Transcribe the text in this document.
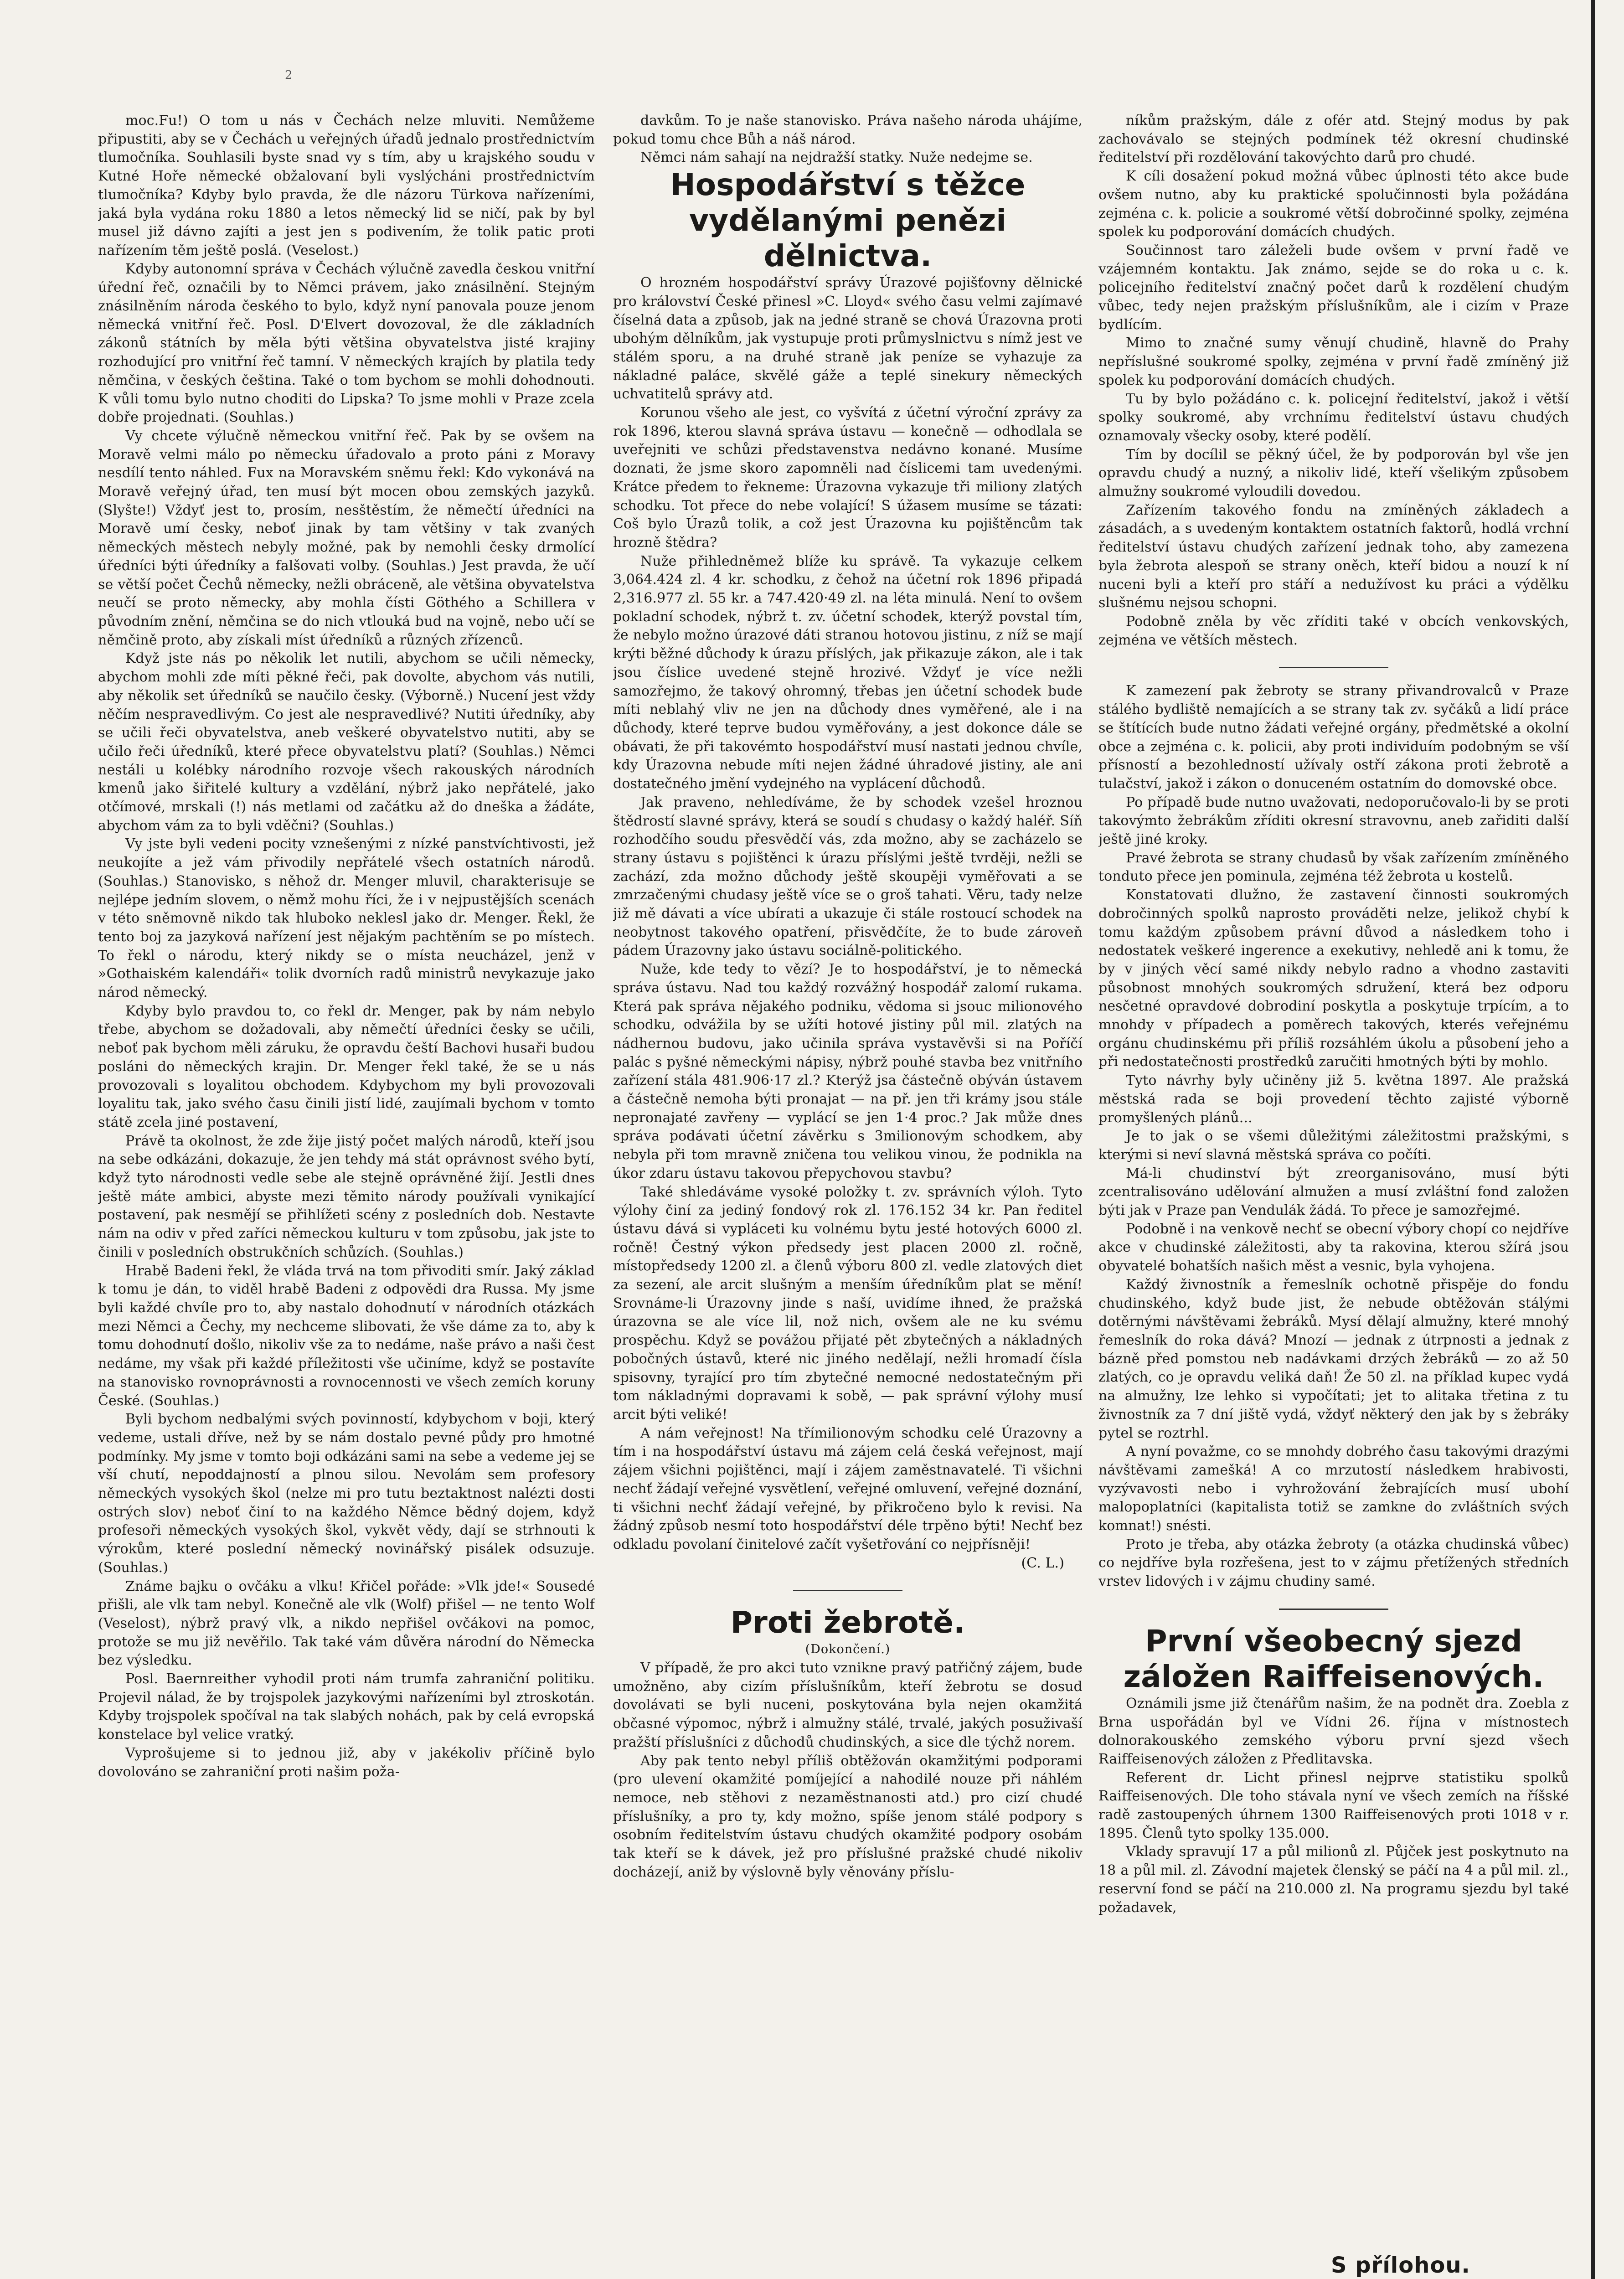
2

moc.Fu!) O tom u nás v Čechách nelze mluviti. Nemůžeme připustiti, aby se v Čechách u veřejných úřadů jednalo prostřednictvím tlumočníka. Souhlasili byste snad vy s tím, aby u krajského soudu v Kutné Hoře německé obžalovaní byli vyslýcháni prostřednictvím tlumočníka? Kdyby bylo pravda, že dle názoru Türkova nařízeními, jaká byla vydána roku 1880 a letos německý lid se ničí, pak by byl musel již dávno zajíti a jest jen s podivením, že tolik patic proti nařízením těm ještě poslá. (Veselost.)

Kdyby autonomní správa v Čechách výlučně zavedla českou vnitřní úřední řeč, označili by to Němci právem, jako znásilnění. Stejným znásilněním národa českého to bylo, když nyní panovala pouze jenom německá vnitřní řeč. Posl. D'Elvert dovozoval, že dle základních zákonů státních by měla býti většina obyvatelstva jisté krajiny rozhodující pro vnitřní řeč tamní. V německých krajích by platila tedy němčina, v českých čeština. Také o tom bychom se mohli dohodnouti. K vůli tomu bylo nutno choditi do Lipska? To jsme mohli v Praze zcela dobře projednati. (Souhlas.)

Vy chcete výlučně německou vnitřní řeč. Pak by se ovšem na Moravě velmi málo po německu úřadovalo a proto páni z Moravy nesdílí tento náhled. Fux na Moravském sněmu řekl: Kdo vykonává na Moravě veřejný úřad, ten musí být mocen obou zemských jazyků. (Slyšte!) Vždyť jest to, prosím, nesštěstím, že němečtí úředníci na Moravě umí česky, neboť jinak by tam většiny v tak zvaných německých městech nebyly možné, pak by nemohli česky drmolící úředníci býti úředníky a falšovati volby. (Souhlas.) Jest pravda, že učí se větší počet Čechů německy, nežli obráceně, ale většina obyvatelstva neučí se proto německy, aby mohla čísti Göthého a Schillera v původním znění, němčina se do nich vtlouká bud na vojně, nebo učí se němčině proto, aby získali míst úředníků a různých zřízenců.

Když jste nás po několik let nutili, abychom se učili německy, abychom mohli zde míti pěkné řeči, pak dovolte, abychom vás nutili, aby několik set úředníků se naučilo česky. (Výborně.) Nucení jest vždy něčím nespravedlivým. Co jest ale nespravedlivé? Nutiti úředníky, aby se učili řeči obyvatelstva, aneb veškeré obyvatelstvo nutiti, aby se učilo řeči úředníků, které přece obyvatelstvu platí? (Souhlas.) Němci nestáli u kolébky národního rozvoje všech rakouských národních kmenů jako šiřitelé kultury a vzdělání, nýbrž jako nepřátelé, jako otčímové, mrskali (!) nás metlami od začátku až do dneška a žádáte, abychom vám za to byli vděčni? (Souhlas.)

Vy jste byli vedeni pocity vznešenými z nízké panstvíchtivosti, jež neukojíte a jež vám přivodily nepřátelé všech ostatních národů. (Souhlas.) Stanovisko, s něhož dr. Menger mluvil, charakterisuje se nejlépe jedním slovem, o němž mohu říci, že i v nejpustějších scenách v této sněmovně nikdo tak hluboko neklesl jako dr. Menger. Řekl, že tento boj za jazyková nařízení jest nějakým pachtěním se po místech. To řekl o národu, který nikdy se o místa neucházel, jenž v »Gothaiském kalendáři« tolik dvorních radů ministrů nevykazuje jako národ německý.

Kdyby bylo pravdou to, co řekl dr. Menger, pak by nám nebylo třebe, abychom se dožadovali, aby němečtí úředníci česky se učili, neboť pak bychom měli záruku, že opravdu čeští Bachovi husaři budou posláni do německých krajin. Dr. Menger řekl také, že se u nás provozovali s loyalitou obchodem. Kdybychom my byli provozovali loyalitu tak, jako svého času činili jistí lidé, zaujímali bychom v tomto státě zcela jiné postavení,

Právě ta okolnost, že zde žije jistý počet malých národů, kteří jsou na sebe odkázáni, dokazuje, že jen tehdy má stát oprávnost svého bytí, když tyto národnosti vedle sebe ale stejně oprávněné žijí. Jestli dnes ještě máte ambici, abyste mezi těmito národy používali vynikající postavení, pak nesmějí se přihlížeti scény z posledních dob. Nestavte nám na odiv v před zaříci německou kulturu v tom způsobu, jak jste to činili v posledních obstrukčních schůzích. (Souhlas.)

Hrabě Badeni řekl, že vláda trvá na tom přivoditi smír. Jaký základ k tomu je dán, to viděl hrabě Badeni z odpovědi dra Russa. My jsme byli každé chvíle pro to, aby nastalo dohodnutí v národních otázkách mezi Němci a Čechy, my nechceme slibovati, že vše dáme za to, aby k tomu dohodnutí došlo, nikoliv vše za to nedáme, naše právo a naši čest nedáme, my však při každé příležitosti vše učiníme, když se postavíte na stanovisko rovnoprávnosti a rovnocennosti ve všech zemích koruny České. (Souhlas.)

Byli bychom nedbalými svých povinností, kdybychom v boji, který vedeme, ustali dříve, než by se nám dostalo pevné půdy pro hmotné podmínky. My jsme v tomto boji odkázáni sami na sebe a vedeme jej se vší chutí, nepoddajností a plnou silou. Nevolám sem profesory německých vysokých škol (nelze mi pro tutu beztaktnost nalézti dosti ostrých slov) neboť činí to na každého Němce bědný dojem, když profesoři německých vysokých škol, vykvět vědy, dají se strhnouti k výrokům, které poslední německý novinářský pisálek odsuzuje. (Souhlas.)

Známe bajku o ovčáku a vlku! Křičel pořáde: »Vlk jde!« Sousedé přišli, ale vlk tam nebyl. Konečně ale vlk (Wolf) přišel — ne tento Wolf (Veselost), nýbrž pravý vlk, a nikdo nepřišel ovčákovi na pomoc, protože se mu již nevěřilo. Tak také vám důvěra národní do Německa bez výsledku.

Posl. Baernreither vyhodil proti nám trumfa zahraniční politiku. Projevil nálad, že by trojspolek jazykovými nařízeními byl ztroskotán. Kdyby trojspolek spočíval na tak slabých nohách, pak by celá evropská konstelace byl velice vratký.

Vyprošujeme si to jednou již, aby v jakékoliv příčině bylo dovolováno se zahraniční proti našim poža-

davkům. To je naše stanovisko. Práva našeho národa uhájíme, pokud tomu chce Bůh a náš národ.

Němci nám sahají na nejdražší statky. Nuže nedejme se.

Hospodářství s těžce vydělanými penězi dělnictva.

O hrozném hospodářství správy Úrazové pojišťovny dělnické pro království České přinesl »C. Lloyd« svého času velmi zajímavé číselná data a způsob, jak na jedné straně se chová Úrazovna proti ubohým dělníkům, jak vystupuje proti průmyslnictvu s nímž jest ve stálém sporu, a na druhé straně jak peníze se vyhazuje za nákladné paláce, skvělé gáže a teplé sinekury německých uchvatitelů správy atd.

Korunou všeho ale jest, co vyšvítá z účetní výroční zprávy za rok 1896, kterou slavná správa ústavu — konečně — odhodlala se uveřejniti ve schůzi představenstva nedávno konané. Musíme doznati, že jsme skoro zapomněli nad číslicemi tam uvedenými. Krátce předem to řekneme: Úrazovna vykazuje tři miliony zlatých schodku. Tot přece do nebe volající! S úžasem musíme se tázati: Coš bylo Úrazů tolik, a což jest Úrazovna ku pojištěncům tak hrozně štědra?

Nuže přihledněmež blíže ku správě. Ta vykazuje celkem 3,064.424 zl. 4 kr. schodku, z čehož na účetní rok 1896 připadá 2,316.977 zl. 55 kr. a 747.420·49 zl. na léta minulá. Není to ovšem pokladní schodek, nýbrž t. zv. účetní schodek, kterýž povstal tím, že nebylo možno úrazové dáti stranou hotovou jistinu, z níž se mají krýti běžné důchody k úrazu příslých, jak přikazuje zákon, ale i tak jsou číslice uvedené stejně hrozivé. Vždyť je více nežli samozřejmo, že takový ohromný, třebas jen účetní schodek bude míti neblahý vliv ne jen na důchody dnes vyměřené, ale i na důchody, které teprve budou vyměřovány, a jest dokonce dále se obávati, že při takovémto hospodářství musí nastati jednou chvíle, kdy Úrazovna nebude míti nejen žádné úhradové jistiny, ale ani dostatečného jmění vydejného na vyplácení důchodů.

Jak praveno, nehledíváme, že by schodek vzešel hroznou štědrostí slavné správy, která se soudí s chudasy o každý haléř. Síň rozhodčího soudu přesvědčí vás, zda možno, aby se zacházelo se strany ústavu s pojištěnci k úrazu příslými ještě tvrději, nežli se zachází, zda možno důchody ještě skoupěji vyměřovati a se zmrzačenými chudasy ještě více se o groš tahati. Věru, tady nelze již mě dávati a více ubírati a ukazuje či stále rostoucí schodek na neobytnost takového opatření, přisvědčíte, že to bude zároveň pádem Úrazovny jako ústavu sociálně-politického.

Nuže, kde tedy to vězí? Je to hospodářství, je to německá správa ústavu. Nad tou každý rozvážný hospodář zalomí rukama. Která pak správa nějakého podniku, vědoma si jsouc milionového schodku, odvážila by se užíti hotové jistiny půl mil. zlatých na nádhernou budovu, jako učinila správa vystavěvši si na Poříčí palác s pyšné německými nápisy, nýbrž pouhé stavba bez vnitřního zařízení stála 481.906·17 zl.? Kterýž jsa částečně obýván ústavem a částečně nemoha býti pronajat — na př. jen tři krámy jsou stále nepronajaté zavřeny — vyplácí se jen 1·4 proc.? Jak může dnes správa podávati účetní závěrku s 3milionovým schodkem, aby nebyla při tom mravně zničena tou velikou vinou, že podnikla na úkor zdaru ústavu takovou přepychovou stavbu?

Také shledáváme vysoké položky t. zv. správních výloh. Tyto výlohy činí za jediný fondový rok zl. 176.152 34 kr. Pan ředitel ústavu dává si vypláceti ku volnému bytu jesté hotových 6000 zl. ročně! Čestný výkon předsedy jest placen 2000 zl. ročně, místopředsedy 1200 zl. a členů výboru 800 zl. vedle zlatových diet za sezení, ale arcit slušným a menším úředníkům plat se mění! Srovnáme-li Úrazovny jinde s naší, uvidíme ihned, že pražská úrazovna se ale více lil, nož nich, ovšem ale ne ku svému prospěchu. Když se povážou přijaté pět zbytečných a nákladných pobočných ústavů, které nic jiného nedělají, nežli hromadí čísla spisovny, tyrající pro tím zbytečné nemocné nedostatečným při tom nákladnými dopravami k sobě, — pak správní výlohy musí arcit býti veliké!

A nám veřejnost! Na třímilionovým schodku celé Úrazovny a tím i na hospodářství ústavu má zájem celá česká veřejnost, mají zájem všichni pojištěnci, mají i zájem zaměstnavatelé. Ti všichni nechť žádají veřejné vysvětlení, veřejné omluvení, veřejné doznání, ti všichni nechť žádají veřejné, by přikročeno bylo k revisi. Na žádný způsob nesmí toto hospodářství déle trpěno býti! Nechť bez odkladu povolaní činitelové začít vyšetřování co nejpřísněji!

(C. L.)

Proti žebrotě.

(Dokončení.)

V případě, že pro akci tuto vznikne pravý patřičný zájem, bude umožněno, aby cizím příslušníkům, kteří žebrotu se dosud dovolávati se byli nuceni, poskytována byla nejen okamžitá občasné výpomoc, nýbrž i almužny stálé, trvalé, jakých posuživaší pražští příslušníci z důchodů chudinských, a sice dle týchž norem.

Aby pak tento nebyl příliš obtěžován okamžitými podporami (pro ulevení okamžité pomíjející a nahodilé nouze při náhlém nemoce, neb stěhovi z nezaměstnanosti atd.) pro cizí chudé příslušníky, a pro ty, kdy možno, spíše jenom stálé podpory s osobním ředitelstvím ústavu chudých okamžité podpory osobám tak kteří se k dávek, jež pro příslušné pražské chudé nikoliv docházejí, aniž by výslovně byly věnovány příslu-

níkům pražským, dále z ofér atd. Stejný modus by pak zachovávalo se stejných podmínek též okresní chudinské ředitelství při rozdělování takovýchto darů pro chudé.

K cíli dosažení pokud možná vůbec úplnosti této akce bude ovšem nutno, aby ku praktické spolučinnosti byla požádána zejména c. k. policie a soukromé větší dobročinné spolky, zejména spolek ku podporování domácích chudých.

Součinnost taro záleželi bude ovšem v první řadě ve vzájemném kontaktu. Jak známo, sejde se do roka u c. k. policejního ředitelství značný počet darů k rozdělení chudým vůbec, tedy nejen pražským příslušníkům, ale i cizím v Praze bydlícím.

Mimo to značné sumy věnují chudině, hlavně do Prahy nepříslušné soukromé spolky, zejména v první řadě zmíněný již spolek ku podporování domácích chudých.

Tu by bylo požádáno c. k. policejní ředitelství, jakož i větší spolky soukromé, aby vrchnímu ředitelství ústavu chudých oznamovaly všecky osoby, které podělí.

Tím by docílil se pěkný účel, že by podporován byl vše jen opravdu chudý a nuzný, a nikoliv lidé, kteří všelikým způsobem almužny soukromé vyloudili dovedou.

Zařízením takového fondu na zmíněných základech a zásadách, a s uvedeným kontaktem ostatních faktorů, hodlá vrchní ředitelství ústavu chudých zařízení jednak toho, aby zamezena byla žebrota alespoň se strany oněch, kteří bidou a nouzí k ní nuceni byli a kteří pro stáří a nedužívost ku práci a výdělku slušnému nejsou schopni.

Podobně zněla by věc zříditi také v obcích venkovských, zejména ve větších městech.

K zamezení pak žebroty se strany přivandrovalců v Praze stálého bydliště nemajících a se strany tak zv. syčáků a lidí práce se štítících bude nutno žádati veřejné orgány, předmětské a okolní obce a zejména c. k. policii, aby proti individuím podobným se vší přísností a bezohledností užívaly ostří zákona proti žebrotě a tulačství, jakož i zákon o donuceném ostatním do domovské obce.

Po případě bude nutno uvažovati, nedoporučovalo-li by se proti takovýmto žebrákům zříditi okresní stravovnu, aneb zařiditi další ještě jiné kroky.

Pravé žebrota se strany chudasů by však zařízením zmíněného tonduto přece jen pominula, zejména též žebrota u kostelů.

Konstatovati dlužno, že zastavení činnosti soukromých dobročinných spolků naprosto prováděti nelze, jelikož chybí k tomu každým způsobem právní důvod a následkem toho i nedostatek veškeré ingerence a exekutivy, nehledě ani k tomu, že by v jiných věcí samé nikdy nebylo radno a vhodno zastaviti působnost mnohých soukromých sdružení, která bez odporu nesčetné opravdové dobrodiní poskytla a poskytuje trpícím, a to mnohdy v případech a poměrech takových, kterés veřejnému orgánu chudinskému při příliš rozsáhlém úkolu a působení jeho a při nedostatečnosti prostředků zaručiti hmotných býti by mohlo.

Tyto návrhy byly učiněny již 5. května 1897. Ale pražská městská rada se boji provedení těchto zajisté výborně promyšlených plánů...

Je to jak o se všemi důležitými záležitostmi pražskými, s kterými si neví slavná městská správa co počíti.

Má-li chudinství být zreorganisováno, musí býti zcentralisováno udělování almužen a musí zvláštní fond založen býti jak v Praze pan Vendulák žádá. To přece je samozřejmé.

Podobně i na venkově nechť se obecní výbory chopí co nejdříve akce v chudinské záležitosti, aby ta rakovina, kterou sžírá jsou obyvatelé bohatších našich měst a vesnic, byla vyhojena.

Každý živnostník a řemeslník ochotně přispěje do fondu chudinského, když bude jist, že nebude obtěžován stálými dotěrnými návštěvami žebráků. Mysí dělají almužny, které mnohý řemeslník do roka dává? Mnozí — jednak z útrpnosti a jednak z bázně před pomstou neb nadávkami drzých žebráků — zo až 50 zlatých, co je opravdu veliká daň! Že 50 zl. na příklad kupec vydá na almužny, lze lehko si vypočítati; jet to alitaka třetina z tu živnostník za 7 dní jiště vydá, vždyť některý den jak by s žebráky pytel se roztrhl.

A nyní považme, co se mnohdy dobrého času takovými drazými návštěvami zamešká! A co mrzutostí následkem hrabivosti, vyzývavosti nebo i vyhrožování žebrajících musí ubohí malopoplatníci (kapitalista totiž se zamkne do zvláštních svých komnat!) snésti.

Proto je třeba, aby otázka žebroty (a otázka chudinská vůbec) co nejdříve byla rozřešena, jest to v zájmu přetížených středních vrstev lidových i v zájmu chudiny samé.

První všeobecný sjezd záložen Raiffeisenových.

Oznámili jsme již čtenářům našim, že na podnět dra. Zoebla z Brna uspořádán byl ve Vídni 26. října v místnostech dolnorakouského zemského výboru první sjezd všech Raiffeisenových záložen z Předlitavska.

Referent dr. Licht přinesl nejprve statistiku spolků Raiffeisenových. Dle toho stávala nyní ve všech zemích na říšské radě zastoupených úhrnem 1300 Raiffeisenových proti 1018 v r. 1895. Členů tyto spolky 135.000.

Vklady spravují 17 a půl milionů zl. Půjček jest poskytnuto na 18 a půl mil. zl. Závodní majetek členský se páčí na 4 a půl mil. zl., reservní fond se páčí na 210.000 zl. Na programu sjezdu byl také požadavek,

S přílohou.
